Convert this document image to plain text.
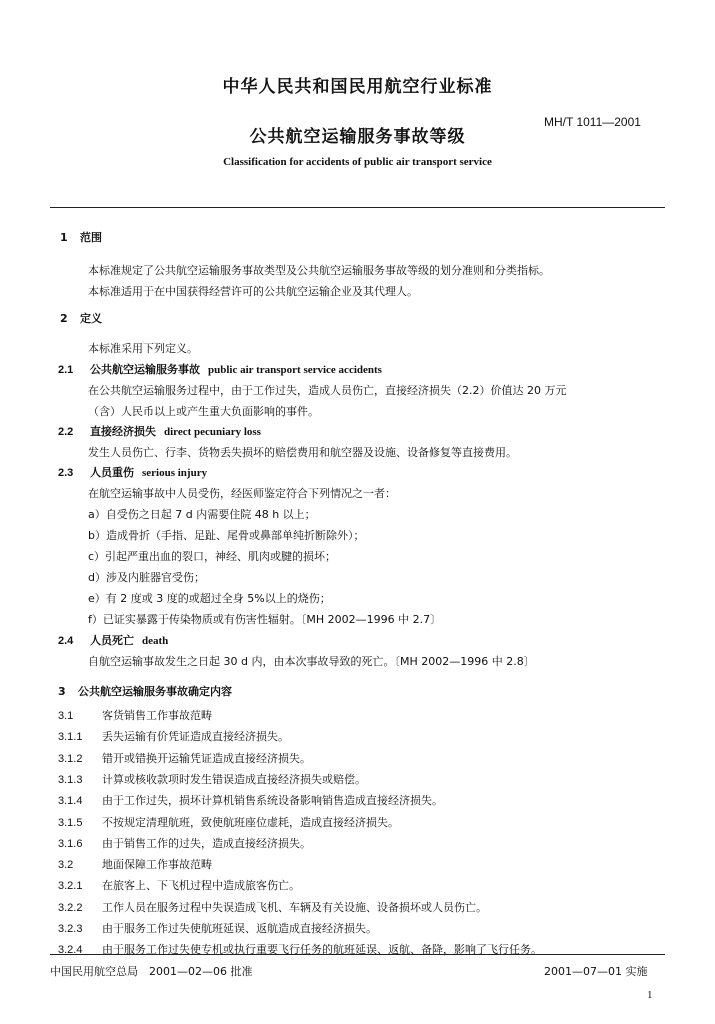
中华人民共和国民用航空行业标准
MH/T 1011—2001
公共航空运输服务事故等级
Classification for accidents of public air transport service
1 范围
本标准规定了公共航空运输服务事故类型及公共航空运输服务事故等级的划分准则和分类指标。
本标准适用于在中国获得经营许可的公共航空运输企业及其代理人。
2 定义
本标准采用下列定义。
2.1 公共航空运输服务事故 public air transport service accidents
在公共航空运输服务过程中，由于工作过失，造成人员伤亡，直接经济损失（2.2）价值达 20 万元
（含）人民币以上或产生重大负面影响的事件。
2.2 直接经济损失 direct pecuniary loss
发生人员伤亡、行李、货物丢失损坏的赔偿费用和航空器及设施、设备修复等直接费用。
2.3 人员重伤 serious injury
在航空运输事故中人员受伤，经医师鉴定符合下列情况之一者：
a）自受伤之日起 7 d 内需要住院 48 h 以上；
b）造成骨折（手指、足趾、尾骨或鼻部单纯折断除外）；
c）引起严重出血的裂口，神经、肌肉或腱的损坏；
d）涉及内脏器官受伤；
e）有 2 度或 3 度的或超过全身 5%以上的烧伤；
f）已证实暴露于传染物质或有伤害性辐射。〔MH 2002—1996 中 2.7〕
2.4 人员死亡 death
自航空运输事故发生之日起 30 d 内，由本次事故导致的死亡。〔MH 2002—1996 中 2.8〕
3 公共航空运输服务事故确定内容
3.1	客货销售工作事故范畴
3.1.1 丢失运输有价凭证造成直接经济损失。
3.1.2 错开或错换开运输凭证造成直接经济损失。
3.1.3 计算或核收款项时发生错误造成直接经济损失或赔偿。
3.1.4 由于工作过失，损坏计算机销售系统设备影响销售造成直接经济损失。
3.1.5 不按规定清理航班，致使航班座位虚耗，造成直接经济损失。
3.1.6 由于销售工作的过失，造成直接经济损失。
3.2	地面保障工作事故范畴
3.2.1 在旅客上、下飞机过程中造成旅客伤亡。
3.2.2 工作人员在服务过程中失误造成飞机、车辆及有关设施、设备损坏或人员伤亡。
3.2.3 由于服务工作过失使航班延误、返航造成直接经济损失。
3.2.4 由于服务工作过失使专机或执行重要飞行任务的航班延误、返航、备降，影响了飞行任务。
中国民用航空总局　2001—02—06 批准	2001—07—01 实施
1
